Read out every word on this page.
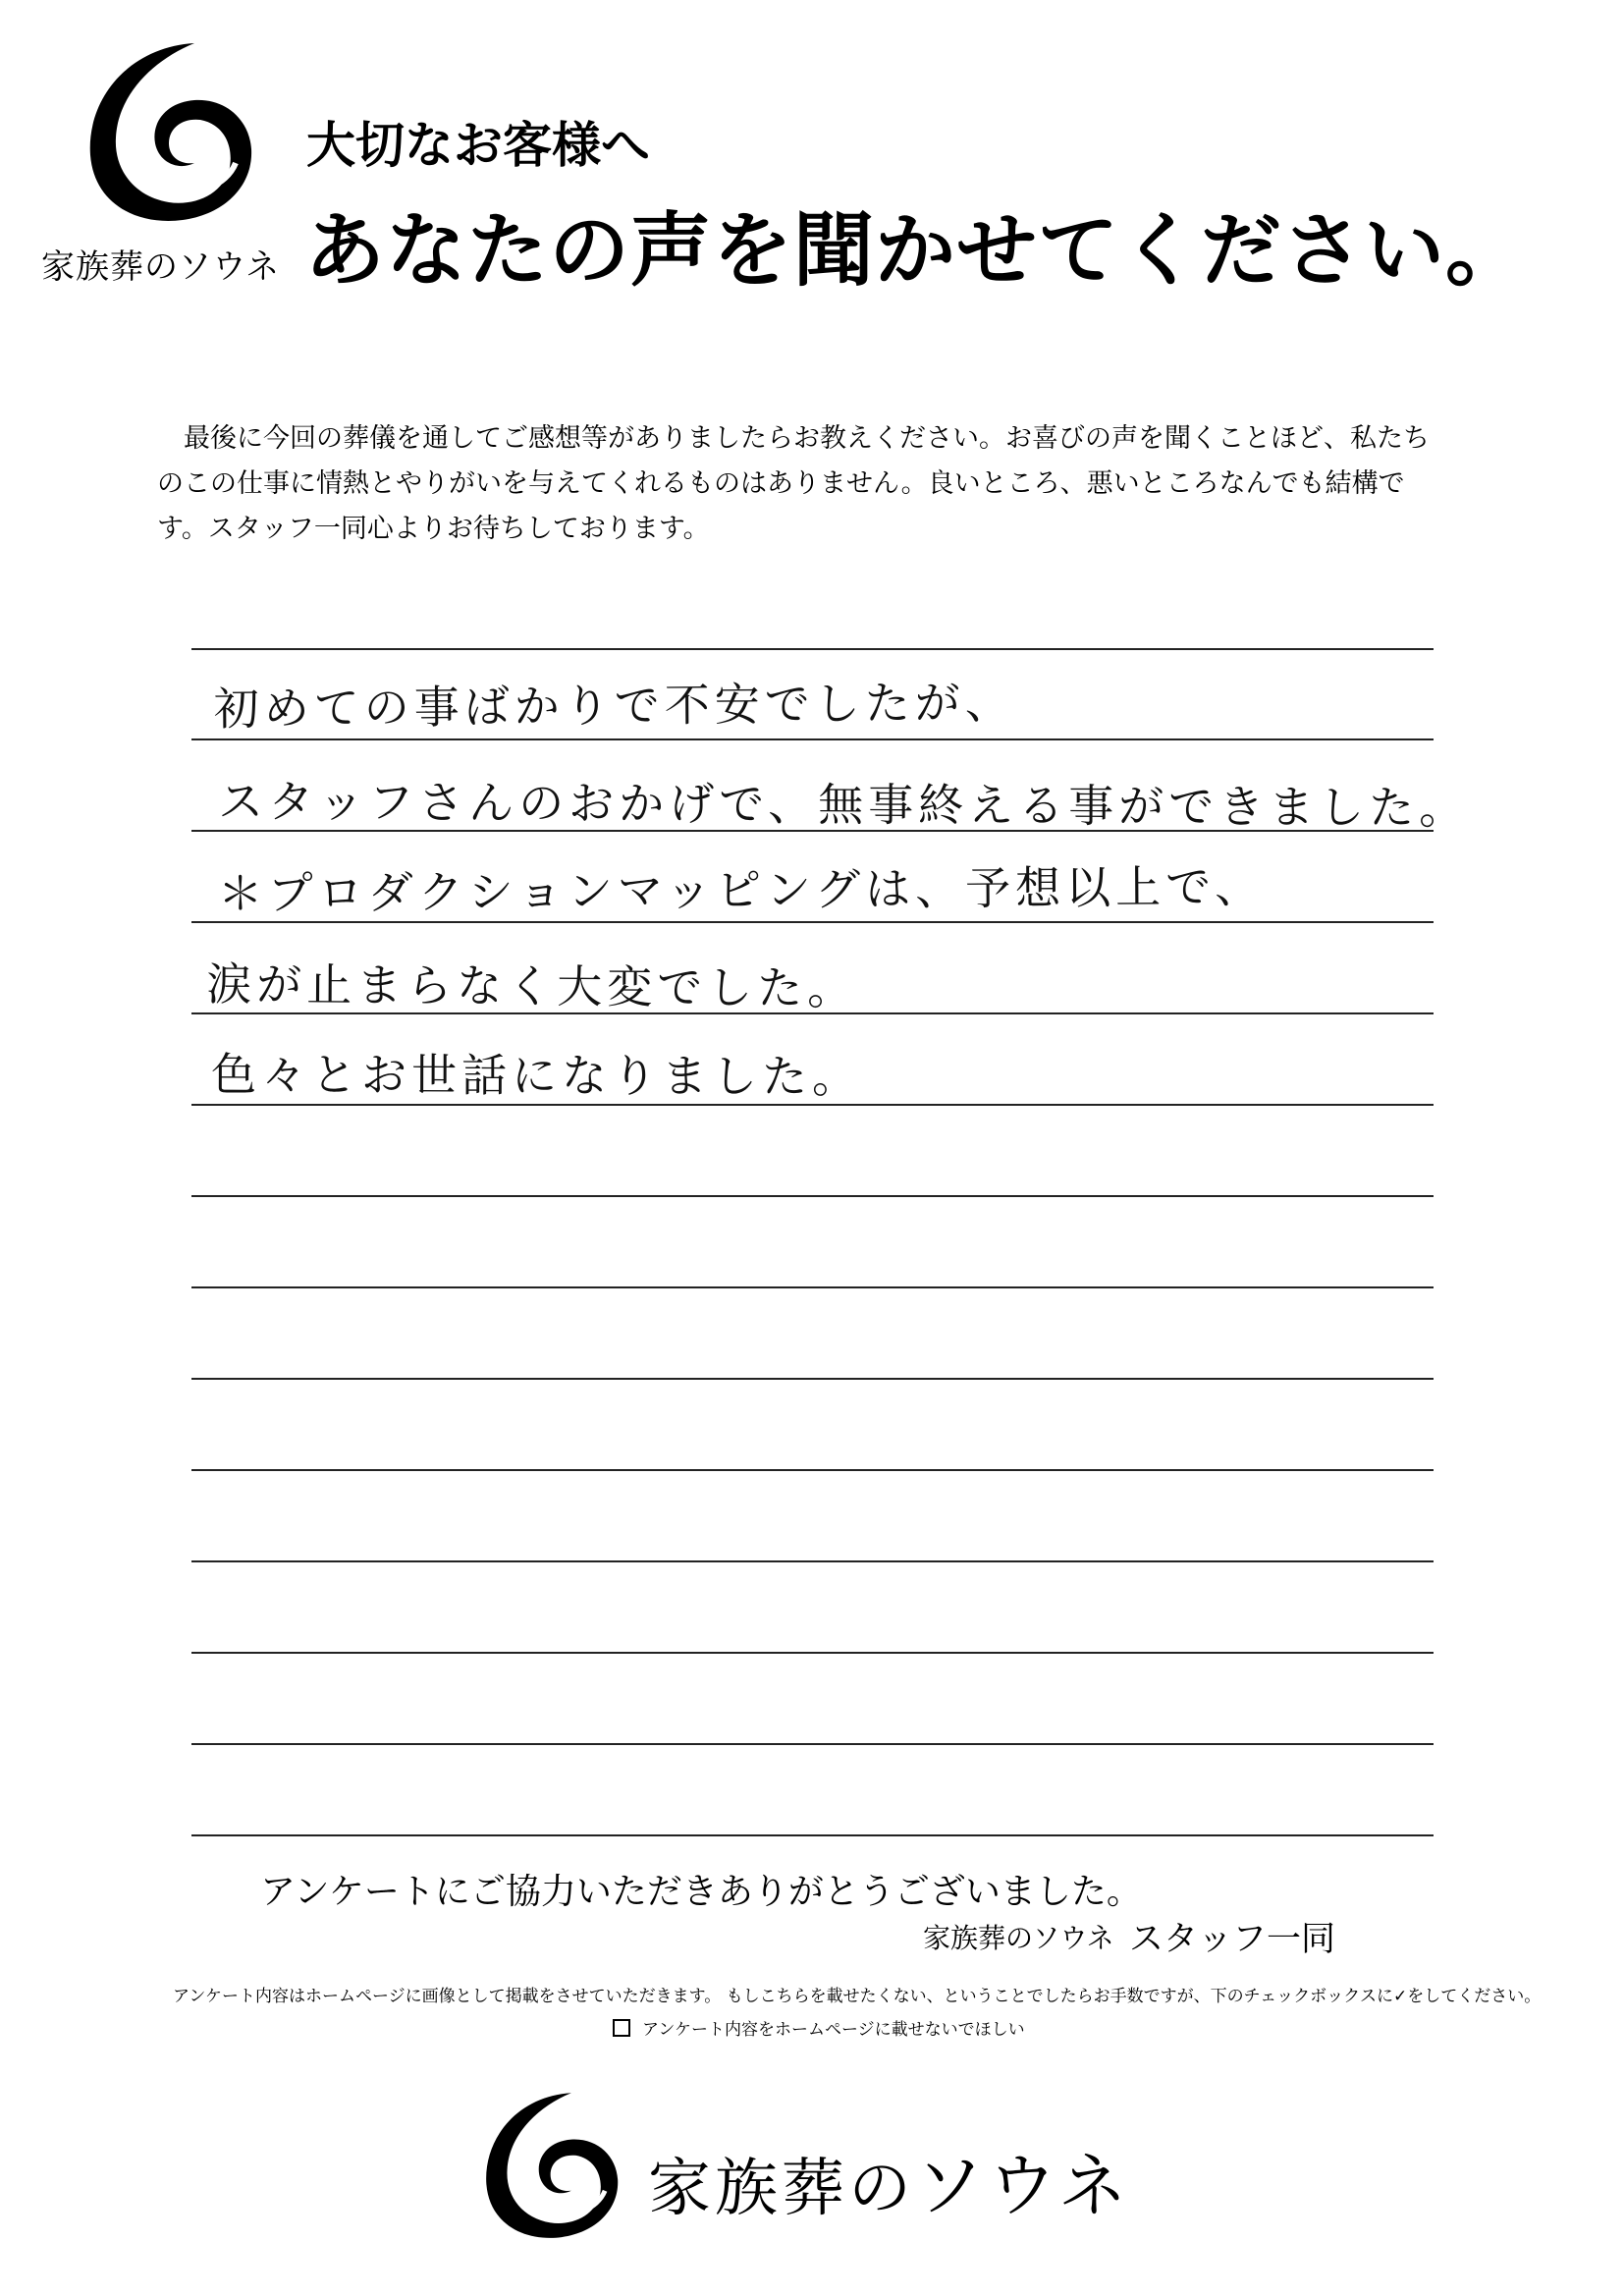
家族葬のソウネ
大切なお客様へ
あなたの声を聞かせてください。
最後に今回の葬儀を通してご感想等がありましたらお教えください。お喜びの声を聞くことほど、私たちのこの仕事に情熱とやりがいを与えてくれるものはありません。良いところ、悪いところなんでも結構です。スタッフ一同心よりお待ちしております。
初めての事ばかりで不安でしたが、
スタッフさんのおかげで、無事終える事ができました。
＊プロダクションマッピングは、予想以上で、
涙が止まらなく大変でした。
色々とお世話になりました。
アンケートにご協力いただきありがとうございました。
家族葬のソウネ スタッフ一同
アンケート内容はホームページに画像として掲載をさせていただきます。 もしこちらを載せたくない、ということでしたらお手数ですが、下のチェックボックスに✓をしてください。
アンケート内容をホームページに載せないでほしい
家族葬のソウネ
